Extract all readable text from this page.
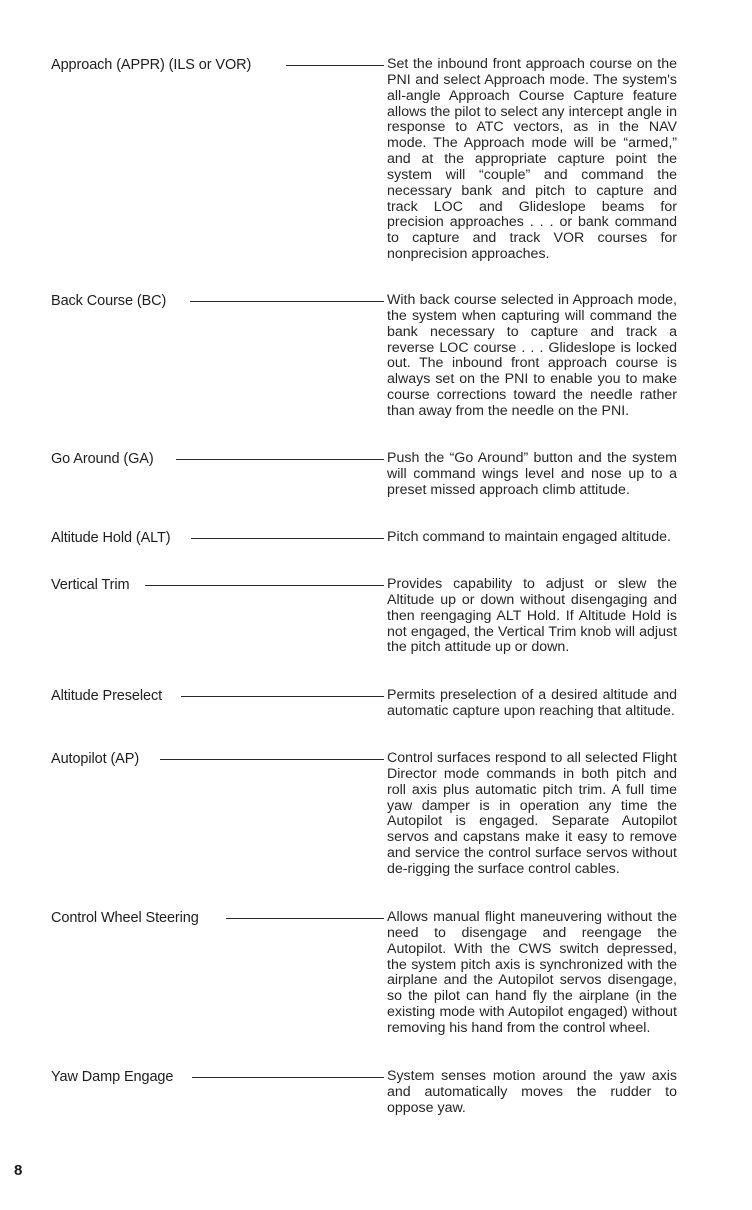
Approach (APPR) (ILS or VOR)	Set the inbound front approach course on the PNI and select Approach mode. The system's all-angle Approach Course Capture feature allows the pilot to select any intercept angle in response to ATC vectors, as in the NAV mode. The Approach mode will be “armed,” and at the appropriate capture point the system will “couple” and command the necessary bank and pitch to capture and track LOC and Glideslope beams for precision approaches . . . or bank command to capture and track VOR courses for nonprecision approaches.
Back Course (BC)	With back course selected in Approach mode, the system when capturing will command the bank necessary to capture and track a reverse LOC course . . . Glideslope is locked out. The inbound front approach course is always set on the PNI to enable you to make course corrections toward the needle rather than away from the needle on the PNI.
Go Around (GA)	Push the “Go Around” button and the system will command wings level and nose up to a preset missed approach climb attitude.
Altitude Hold (ALT)	Pitch command to maintain engaged altitude.
Vertical Trim	Provides capability to adjust or slew the Altitude up or down without disengaging and then reengaging ALT Hold. If Altitude Hold is not engaged, the Vertical Trim knob will adjust the pitch attitude up or down.
Altitude Preselect	Permits preselection of a desired altitude and automatic capture upon reaching that altitude.
Autopilot (AP)	Control surfaces respond to all selected Flight Director mode commands in both pitch and roll axis plus automatic pitch trim. A full time yaw damper is in operation any time the Autopilot is engaged. Separate Autopilot servos and capstans make it easy to remove and service the control surface servos without de-rigging the surface control cables.
Control Wheel Steering	Allows manual flight maneuvering without the need to disengage and reengage the Autopilot. With the CWS switch depressed, the system pitch axis is synchronized with the airplane and the Autopilot servos disengage, so the pilot can hand fly the airplane (in the existing mode with Autopilot engaged) without removing his hand from the control wheel.
Yaw Damp Engage	System senses motion around the yaw axis and automatically moves the rudder to oppose yaw.
8
